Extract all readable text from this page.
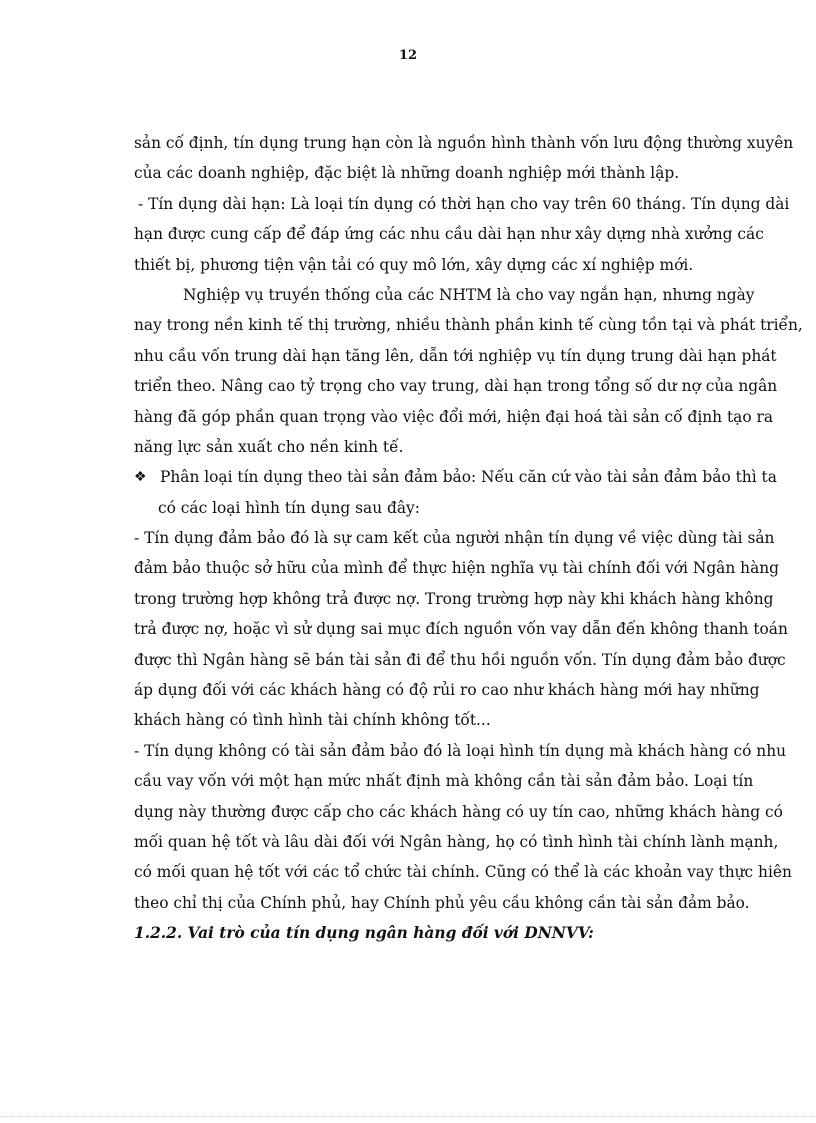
12
sản cố định, tín dụng trung hạn còn là nguồn hình thành vốn lưu động thường xuyên
của các doanh nghiệp, đặc biệt là những doanh nghiệp mới thành lập.
- Tín dụng dài hạn: Là loại tín dụng có thời hạn cho vay trên 60 tháng. Tín dụng dài
hạn được cung cấp để đáp ứng các nhu cầu dài hạn như xây dựng nhà xưởng các
thiết bị, phương tiện vận tải có quy mô lớn, xây dựng các xí nghiệp mới.
Nghiệp vụ truyền thống của các NHTM là cho vay ngắn hạn, nhưng ngày
nay trong nền kinh tế thị trường, nhiều thành phần kinh tế cùng tồn tại và phát triển,
nhu cầu vốn trung dài hạn tăng lên, dẫn tới nghiệp vụ tín dụng trung dài hạn phát
triển theo. Nâng cao tỷ trọng cho vay trung, dài hạn trong tổng số dư nợ của ngân
hàng đã góp phần quan trọng vào việc đổi mới, hiện đại hoá tài sản cố định tạo ra
năng lực sản xuất cho nền kinh tế.
❖ Phân loại tín dụng theo tài sản đảm bảo: Nếu căn cứ vào tài sản đảm bảo thì ta
có các loại hình tín dụng sau đây:
- Tín dụng đảm bảo đó là sự cam kết của người nhận tín dụng về việc dùng tài sản
đảm bảo thuộc sở hữu của mình để thực hiện nghĩa vụ tài chính đối với Ngân hàng
trong trường hợp không trả được nợ. Trong trường hợp này khi khách hàng không
trả được nợ, hoặc vì sử dụng sai mục đích nguồn vốn vay dẫn đến không thanh toán
được thì Ngân hàng sẽ bán tài sản đi để thu hồi nguồn vốn. Tín dụng đảm bảo được
áp dụng đối với các khách hàng có độ rủi ro cao như khách hàng mới hay những
khách hàng có tình hình tài chính không tốt...
- Tín dụng không có tài sản đảm bảo đó là loại hình tín dụng mà khách hàng có nhu
cầu vay vốn với một hạn mức nhất định mà không cần tài sản đảm bảo. Loại tín
dụng này thường được cấp cho các khách hàng có uy tín cao, những khách hàng có
mối quan hệ tốt và lâu dài đối với Ngân hàng, họ có tình hình tài chính lành mạnh,
có mối quan hệ tốt với các tổ chức tài chính. Cũng có thể là các khoản vay thực hiên
theo chỉ thị của Chính phủ, hay Chính phủ yêu cầu không cần tài sản đảm bảo.
1.2.2. Vai trò của tín dụng ngân hàng đối với DNNVV:
